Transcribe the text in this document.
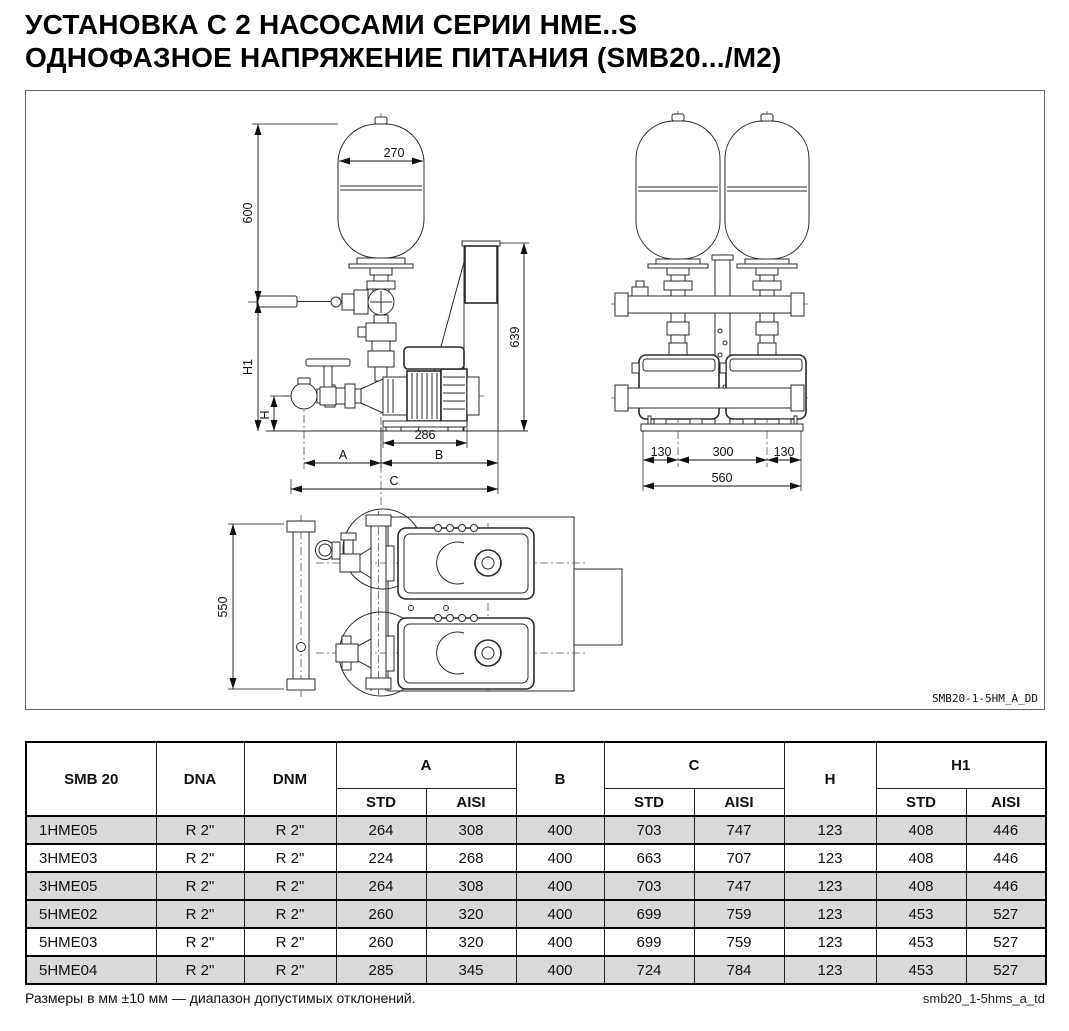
УСТАНОВКА С 2 НАСОСАМИ СЕРИИ HME..S
ОДНОФАЗНОЕ НАПРЯЖЕНИЕ ПИТАНИЯ (SMB20.../M2)
600
H1
H
270
639
286
A	B
C
130	300	130
560
550
SMB20-1-5HM_A_DD
SMB 20	DNA	DNM	A		B	C		H	H1	
			STD	AISI		STD	AISI		STD	AISI
1HME05	R 2"	R 2"	264	308	400	703	747	123	408	446
3HME03	R 2"	R 2"	224	268	400	663	707	123	408	446
3HME05	R 2"	R 2"	264	308	400	703	747	123	408	446
5HME02	R 2"	R 2"	260	320	400	699	759	123	453	527
5HME03	R 2"	R 2"	260	320	400	699	759	123	453	527
5HME04	R 2"	R 2"	285	345	400	724	784	123	453	527
Размеры в мм ±10 мм — диапазон допустимых отклонений.	smb20_1-5hms_a_td
